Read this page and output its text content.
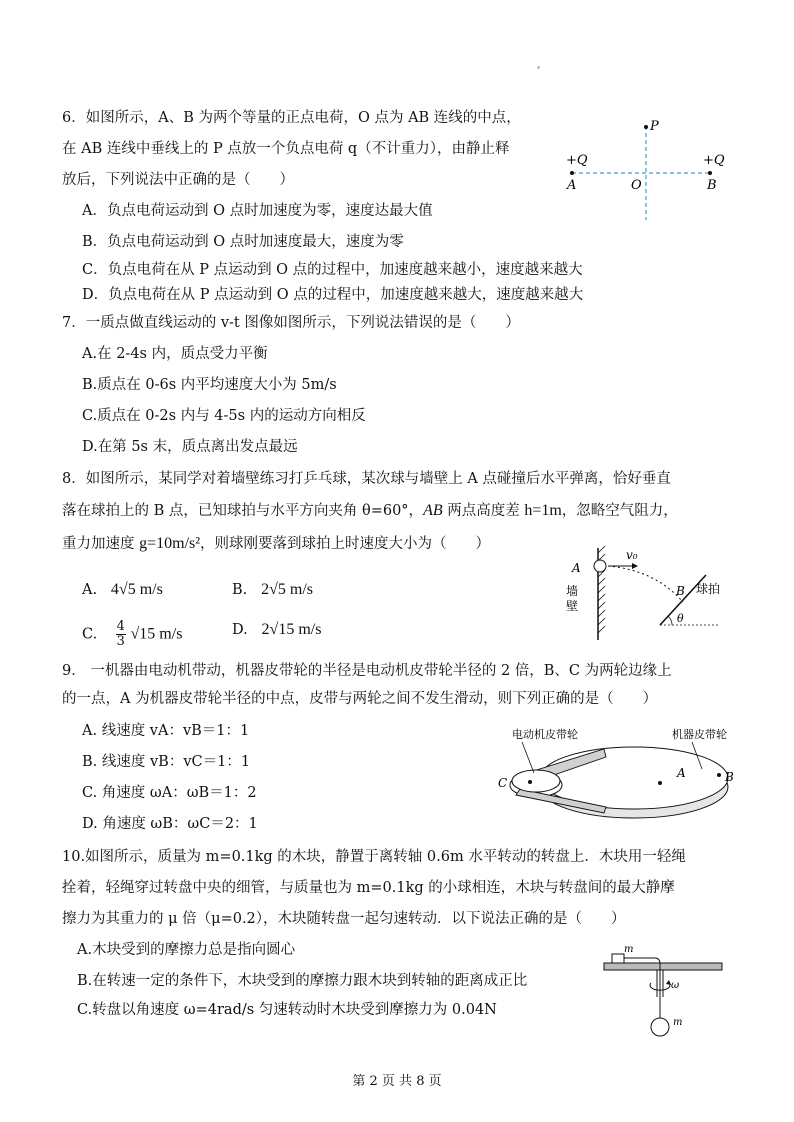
6．如图所示，A、B 为两个等量的正点电荷，O 点为 AB 连线的中点，
在 AB 连线中垂线上的 P 点放一个负点电荷 q（不计重力），由静止释
放后，下列说法中正确的是（　　）
A．负点电荷运动到 O 点时加速度为零，速度达最大值
B．负点电荷运动到 O 点时加速度最大，速度为零
C．负点电荷在从 P 点运动到 O 点的过程中，加速度越来越小，速度越来越大
D．负点电荷在从 P 点运动到 O 点的过程中，加速度越来越大，速度越来越大
P
+Q	+Q
A	O	B
7．一质点做直线运动的 v-t 图像如图所示，下列说法错误的是（　　）
A.在 2-4s 内，质点受力平衡
B.质点在 0-6s 内平均速度大小为 5m/s
C.质点在 0-2s 内与 4-5s 内的运动方向相反
D.在第 5s 末，质点离出发点最远
8．如图所示，某同学对着墙壁练习打乒乓球，某次球与墙壁上 A 点碰撞后水平弹离，恰好垂直
落在球拍上的 B 点，已知球拍与水平方向夹角 θ=60°，AB 两点高度差 h=1m，忽略空气阻力，
重力加速度 g=10m/s²，则球刚要落到球拍上时速度大小为（　　）
A. 4√5 m/s	B. 2√5 m/s
C. $\frac{4}{3} √15$ m/s	D. 2√15 m/s
A
v₀
墙
壁
B 球拍
θ
9． 一机器由电动机带动，机器皮带轮的半径是电动机皮带轮半径的 2 倍，B、C 为两轮边缘上
的一点，A 为机器皮带轮半径的中点，皮带与两轮之间不发生滑动，则下列正确的是（　　）
A. 线速度 vA：vB＝1：1
B. 线速度 vB：vC＝1：1
C. 角速度 ωA：ωB＝1：2
D. 角速度 ωB：ωC＝2：1
电动机皮带轮	机器皮带轮
C
A	B
10.如图所示，质量为 m=0.1kg 的木块，静置于离转轴 0.6m 水平转动的转盘上．木块用一轻绳
拴着，轻绳穿过转盘中央的细管，与质量也为 m=0.1kg 的小球相连，木块与转盘间的最大静摩
擦力为其重力的 μ 倍（μ=0.2），木块随转盘一起匀速转动．以下说法正确的是（　　）
A.木块受到的摩擦力总是指向圆心
B.在转速一定的条件下，木块受到的摩擦力跟木块到转轴的距离成正比
C.转盘以角速度 ω=4rad/s 匀速转动时木块受到摩擦力为 0.04N
m
ω
m
第 2 页 共 8 页
